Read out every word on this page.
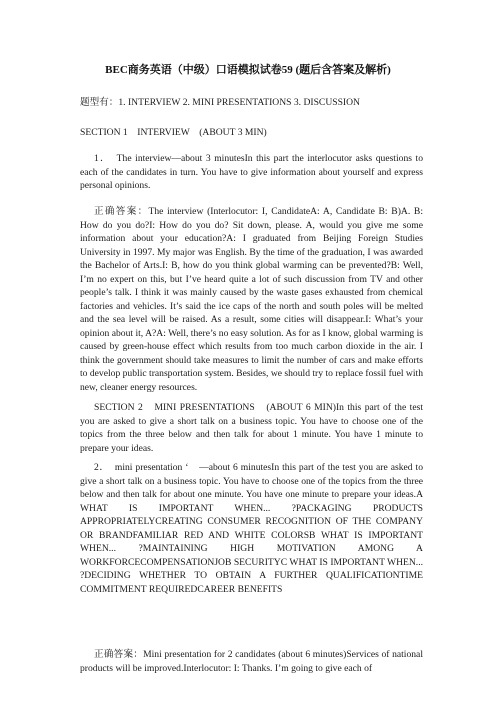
BEC商务英语（中级）口语模拟试卷59 (题后含答案及解析)
题型有：1. INTERVIEW 2. MINI PRESENTATIONS 3. DISCUSSION
SECTION 1　INTERVIEW　(ABOUT 3 MIN)
1．　The interview—about 3 minutesIn this part the interlocutor asks questions to each of the candidates in turn. You have to give information about yourself and express personal opinions.
正确答案：The interview (Interlocutor: I, CandidateA: A, Candidate B: B)A. B: How do you do?I: How do you do? Sit down, please. A, would you give me some information about your education?A: I graduated from Beijing Foreign Studies University in 1997. My major was English. By the time of the graduation, I was awarded the Bachelor of Arts.I: B, how do you think global warming can be prevented?B: Well, I’m no expert on this, but I’ve heard quite a lot of such discussion from TV and other people’s talk. I think it was mainly caused by the waste gases exhausted from chemical factories and vehicles. It’s said the ice caps of the north and south poles will be melted and the sea level will be raised. As a result, some cities will disappear.I: What’s your opinion about it, A?A: Well, there’s no easy solution. As for as I know, global warming is caused by green-house effect which results from too much carbon dioxide in the air. I think the government should take measures to limit the number of cars and make efforts to develop public transportation system. Besides, we should try to replace fossil fuel with new, cleaner energy resources.
SECTION 2　MINI PRESENTATIONS　(ABOUT 6 MIN)In this part of the test you are asked to give a short talk on a business topic. You have to choose one of the topics from the three below and then talk for about 1 minute. You have 1 minute to prepare your ideas.
2．　mini presentation ‘　—about 6 minutesIn this part of the test you are asked to give a short talk on a business topic. You have to choose one of the topics from the three below and then talk for about one minute. You have one minute to prepare your ideas.A WHAT IS IMPORTANT WHEN... ?PACKAGING PRODUCTS APPROPRIATELYCREATING CONSUMER RECOGNITION OF THE COMPANY OR BRANDFAMILIAR RED AND WHITE COLORSB WHAT IS IMPORTANT WHEN... ?MAINTAINING HIGH MOTIVATION AMONG A WORKFORCECOMPENSATIONJOB SECURITYC WHAT IS IMPORTANT WHEN... ?DECIDING WHETHER TO OBTAIN A FURTHER QUALIFICATIONTIME COMMITMENT REQUIREDCAREER BENEFITS
正确答案：Mini presentation for 2 candidates (about 6 minutes)Services of national products will be improved.Interlocutor: I: Thanks. I’m going to give each of
